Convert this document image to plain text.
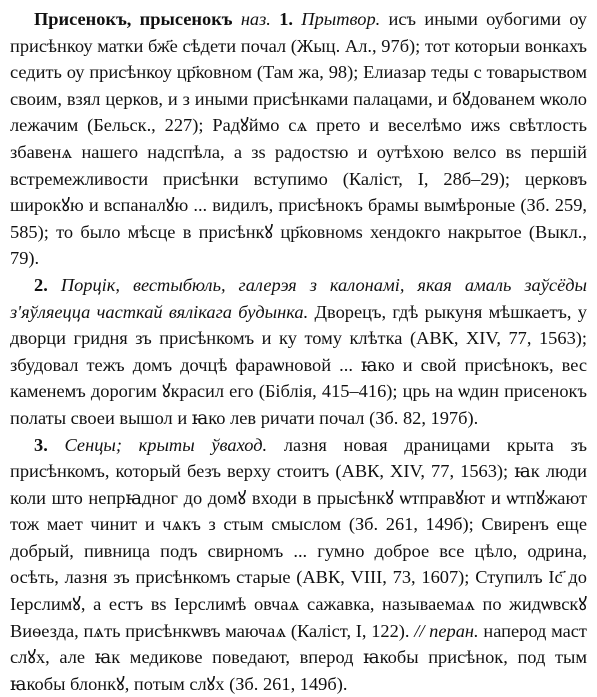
Присенокъ, прысенокъ наз. 1. Прытвор. исъ иными оубогими оу присѣнкоу матки бж҃е сѣдети почал (Жыц. Ал., 97б); тот которыи вонкахъ седить оу присѣнкоу цр҃ковном (Там жа, 98); Елиазар теды с товарыством своим, взял церков, и з иными присѣнками палацами, и бꙋдованем ѡколо лежачим (Бельск., 227); Радꙋймо сѧ прето и веселѣмо ижѕ свѣтлость збавенѧ нашего надспѣла, а зѕ радостѕю и оутѣхою велсо вѕ першій встремежливости присѣнки вступимо (Каліст, І, 28б–29); церковъ широкꙋю и вспаналꙋю ... видилъ, присѣнокъ брамы вымѣроные (Зб. 259, 585); то было мѣсце в присѣнкꙋ цр҃ковномѕ хендокго накрытое (Выкл., 79).

2. Порцік, вестыбюль, галерэя з калонамі, якая амаль заўсёды з'яўляецца часткай вялікага будынка. Дворецъ, гдѣ рыкуня мѣшкаетъ, у дворци гридня зъ присѣнкомъ и ку тому клѣтка (АВК, XIV, 77, 1563); збудовал тежъ домъ дочцѣ фараѡновой ... ꙗко и свой присѣнокъ, вес каменемъ дорогим ꙋкрасил его (Біблія, 415–416); црь на ѡдин присенокъ полаты своеи вышол и ꙗко лев ричати почал (Зб. 82, 197б).

3. Сенцы; крыты ўваход. лазня новая драницами крыта зъ присѣнкомъ, который безъ верху стоитъ (АВК, XIV, 77, 1563); ꙗк люди коли што непрꙗдног до домꙋ входи в прысѣнкꙋ ѡтправꙋют и ѡтпꙋжают тож мает чинит и чѧкъ з стым смыслом (Зб. 261, 149б); Свиренъ еще добрый, пивница подъ свирномъ ... гумно доброе все цѣло, одрина, осѣть, лазня зъ присѣнкомъ старые (АВК, VIII, 73, 1607); Ступилъ Іс҃ до Іерслимꙋ, а естъ вѕ Іерслимѣ овчаѧ сажавка, называемаѧ по жидѡвскꙋ Виѳезда, пѧть присѣнкѡвъ маючаѧ (Каліст, І, 122). // перан. наперод маст слꙋх, але ꙗк медикове поведают, вперод ꙗкобы присѣнок, под тым ꙗкобы блонкꙋ, потым слꙋх (Зб. 261, 149б).
